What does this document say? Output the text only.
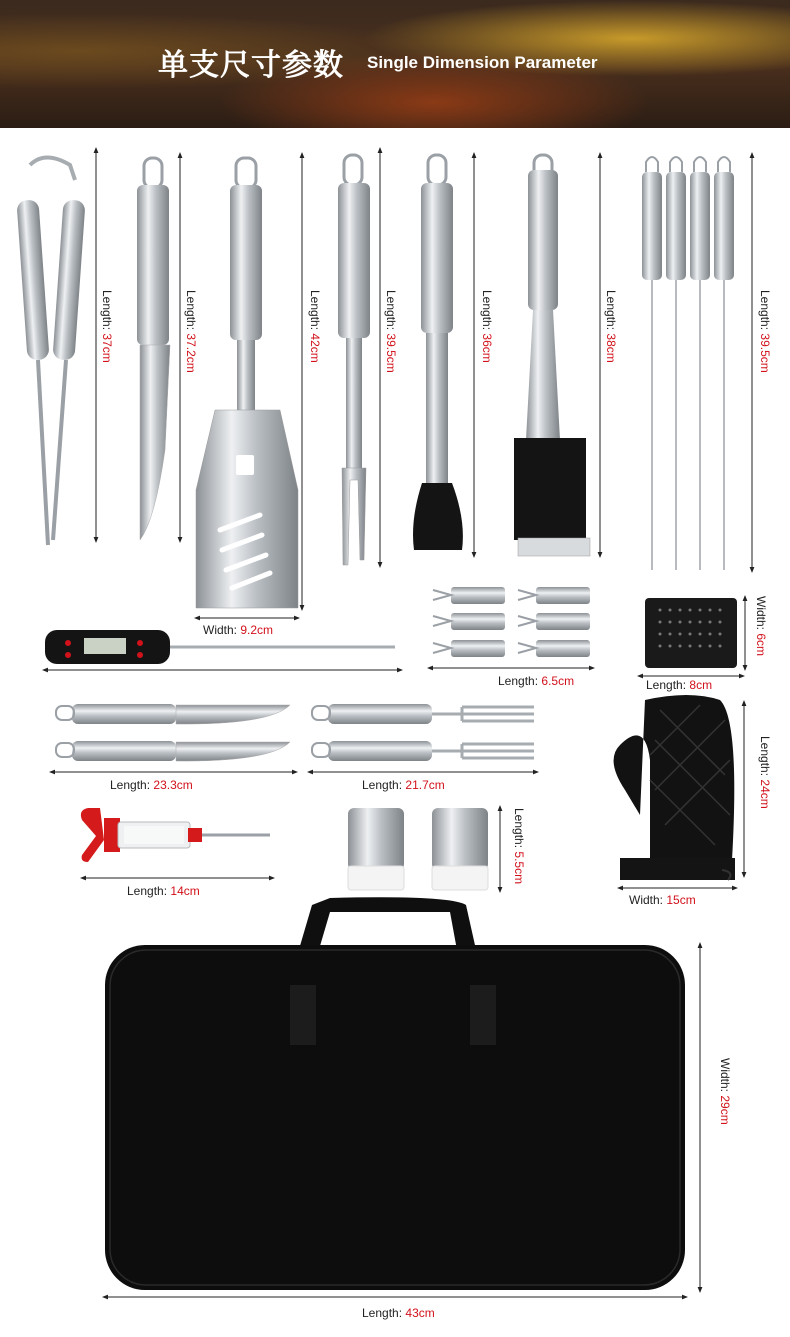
单支尺寸参数 Single Dimension Parameter
Length: 37cm
Length: 37.2cm
Length: 42cm
Length: 39.5cm
Length: 36cm
Length: 38cm
Length: 39.5cm
Width: 6cm
Length: 24cm
Length: 5.5cm
Width: 29cm
Width: 9.2cm
Length: 6.5cm	Length: 8cm
Length: 23.3cm	Length: 21.7cm
Length: 14cm
Width: 15cm
Length: 43cm
